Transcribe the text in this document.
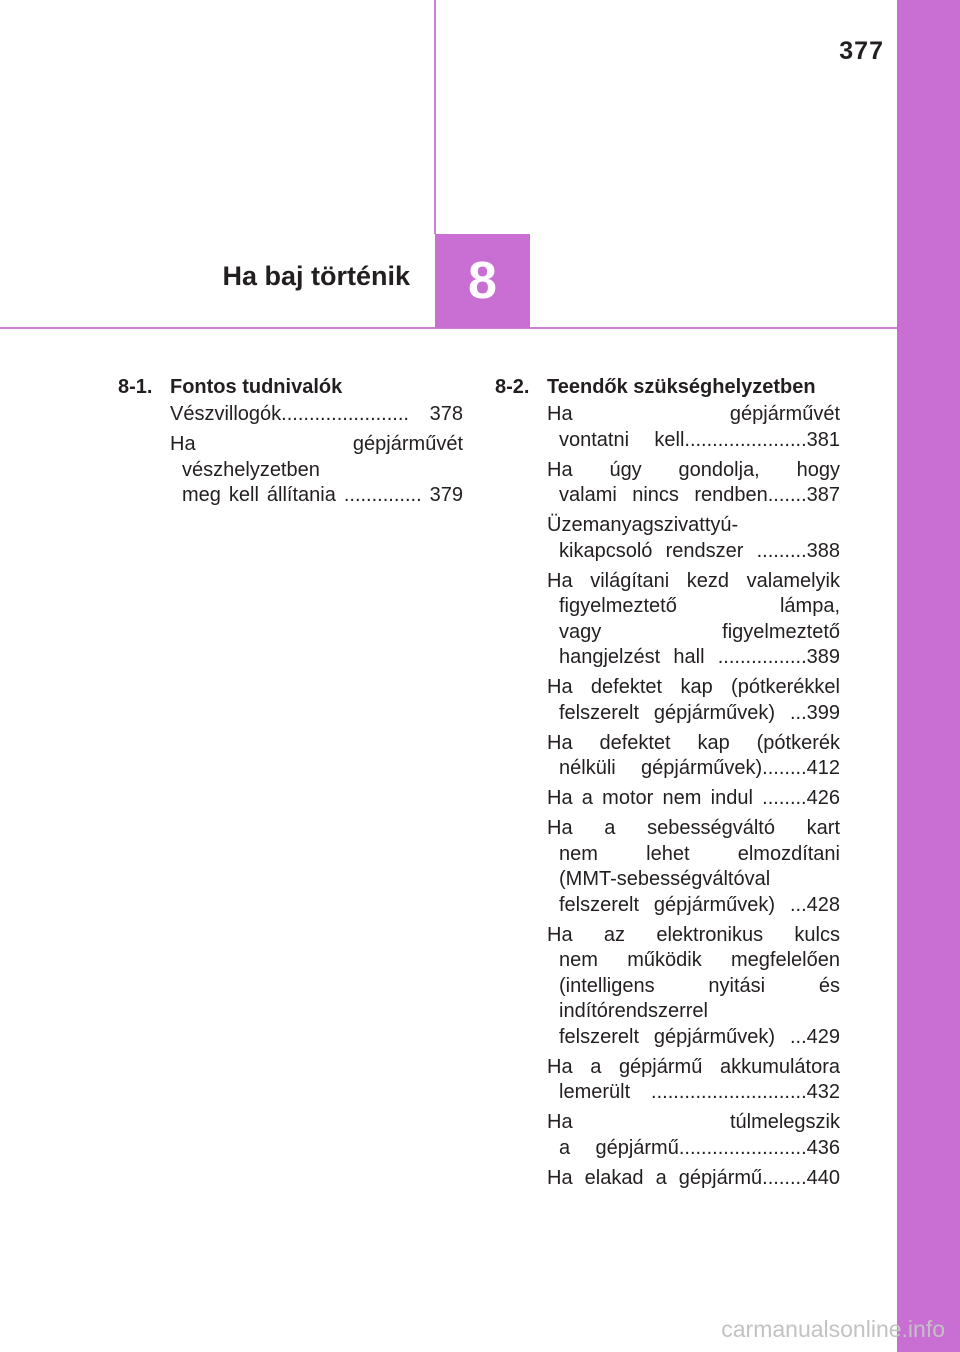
377
Ha baj történik 8
8-1. Fontos tudnivalók
Vészvillogók....................... 378
Ha gépjárművét
vészhelyzetben
meg kell állítania .............. 379
8-2. Teendők szükséghelyzetben
Ha gépjárművét
vontatni kell......................381
Ha úgy gondolja, hogy
valami nincs rendben.......387
Üzemanyagszivattyú-
kikapcsoló rendszer .........388
Ha világítani kezd valamelyik
figyelmeztető lámpa,
vagy figyelmeztető
hangjelzést hall ................389
Ha defektet kap (pótkerékkel
felszerelt gépjárművek) ...399
Ha defektet kap (pótkerék
nélküli gépjárművek)........412
Ha a motor nem indul ........426
Ha a sebességváltó kart
nem lehet elmozdítani
(MMT-sebességváltóval
felszerelt gépjárművek) ...428
Ha az elektronikus kulcs
nem működik megfelelően
(intelligens nyitási és
indítórendszerrel
felszerelt gépjárművek) ...429
Ha a gépjármű akkumulátora
lemerült ............................432
Ha túlmelegszik
a gépjármű.......................436
Ha elakad a gépjármű........440
carmanualsonline.info
